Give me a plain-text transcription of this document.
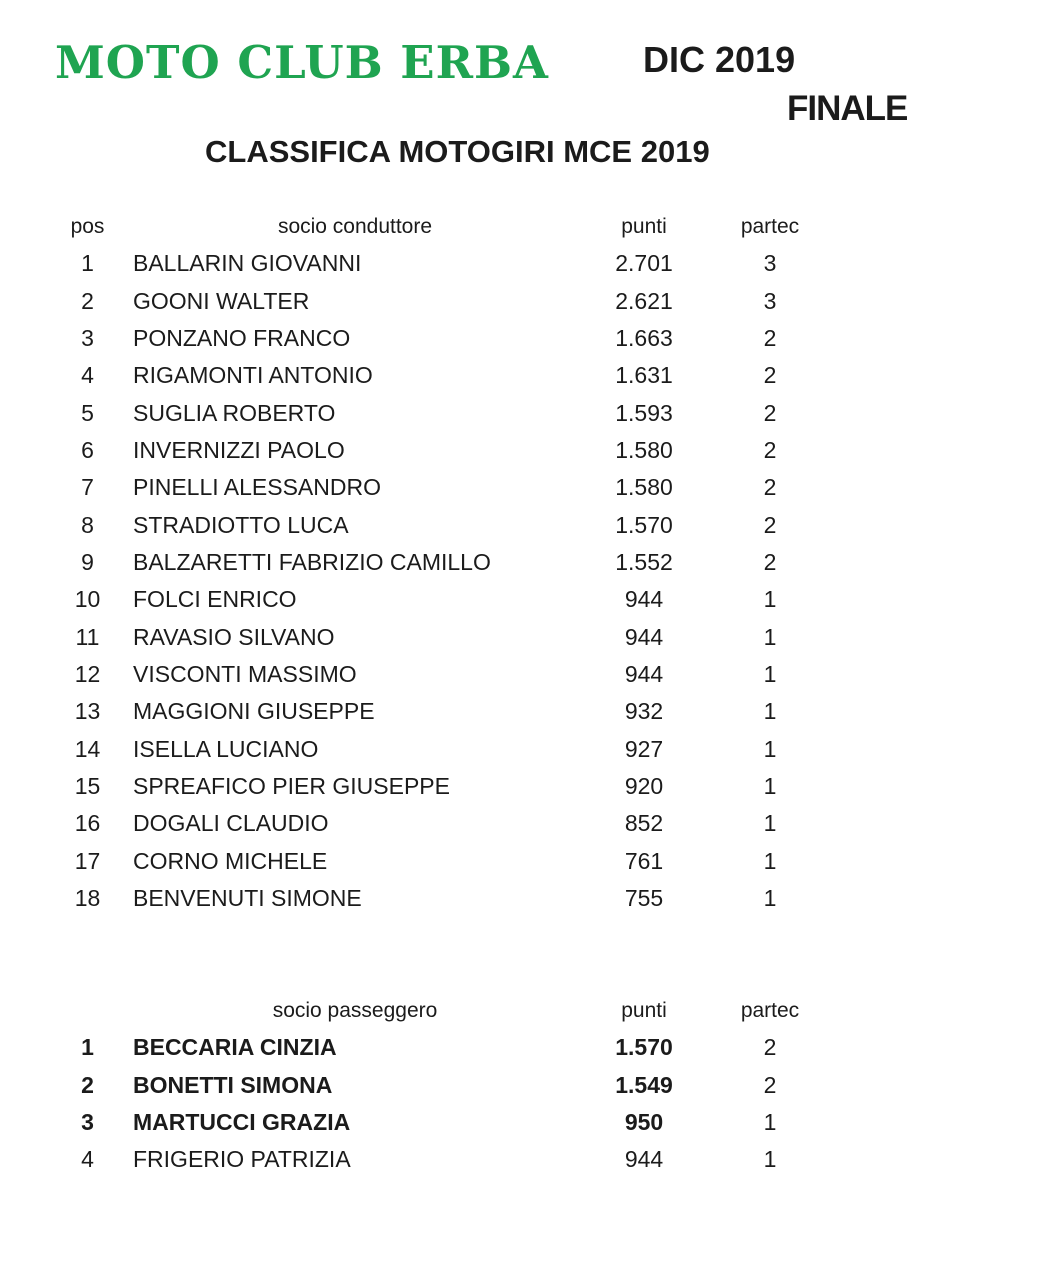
MOTO CLUB ERBA	DIC 2019
FINALE
CLASSIFICA MOTOGIRI MCE 2019
pos	socio conduttore	punti	partec
1	BALLARIN GIOVANNI	2.701	3
2	GOONI WALTER	2.621	3
3	PONZANO FRANCO	1.663	2
4	RIGAMONTI ANTONIO	1.631	2
5	SUGLIA ROBERTO	1.593	2
6	INVERNIZZI PAOLO	1.580	2
7	PINELLI ALESSANDRO	1.580	2
8	STRADIOTTO LUCA	1.570	2
9	BALZARETTI FABRIZIO CAMILLO	1.552	2
10	FOLCI ENRICO	944	1
11	RAVASIO SILVANO	944	1
12	VISCONTI MASSIMO	944	1
13	MAGGIONI GIUSEPPE	932	1
14	ISELLA LUCIANO	927	1
15	SPREAFICO PIER GIUSEPPE	920	1
16	DOGALI CLAUDIO	852	1
17	CORNO MICHELE	761	1
18	BENVENUTI SIMONE	755	1
socio passeggero	punti	partec
1	BECCARIA CINZIA	1.570	2
2	BONETTI SIMONA	1.549	2
3	MARTUCCI GRAZIA	950	1
4	FRIGERIO PATRIZIA	944	1
